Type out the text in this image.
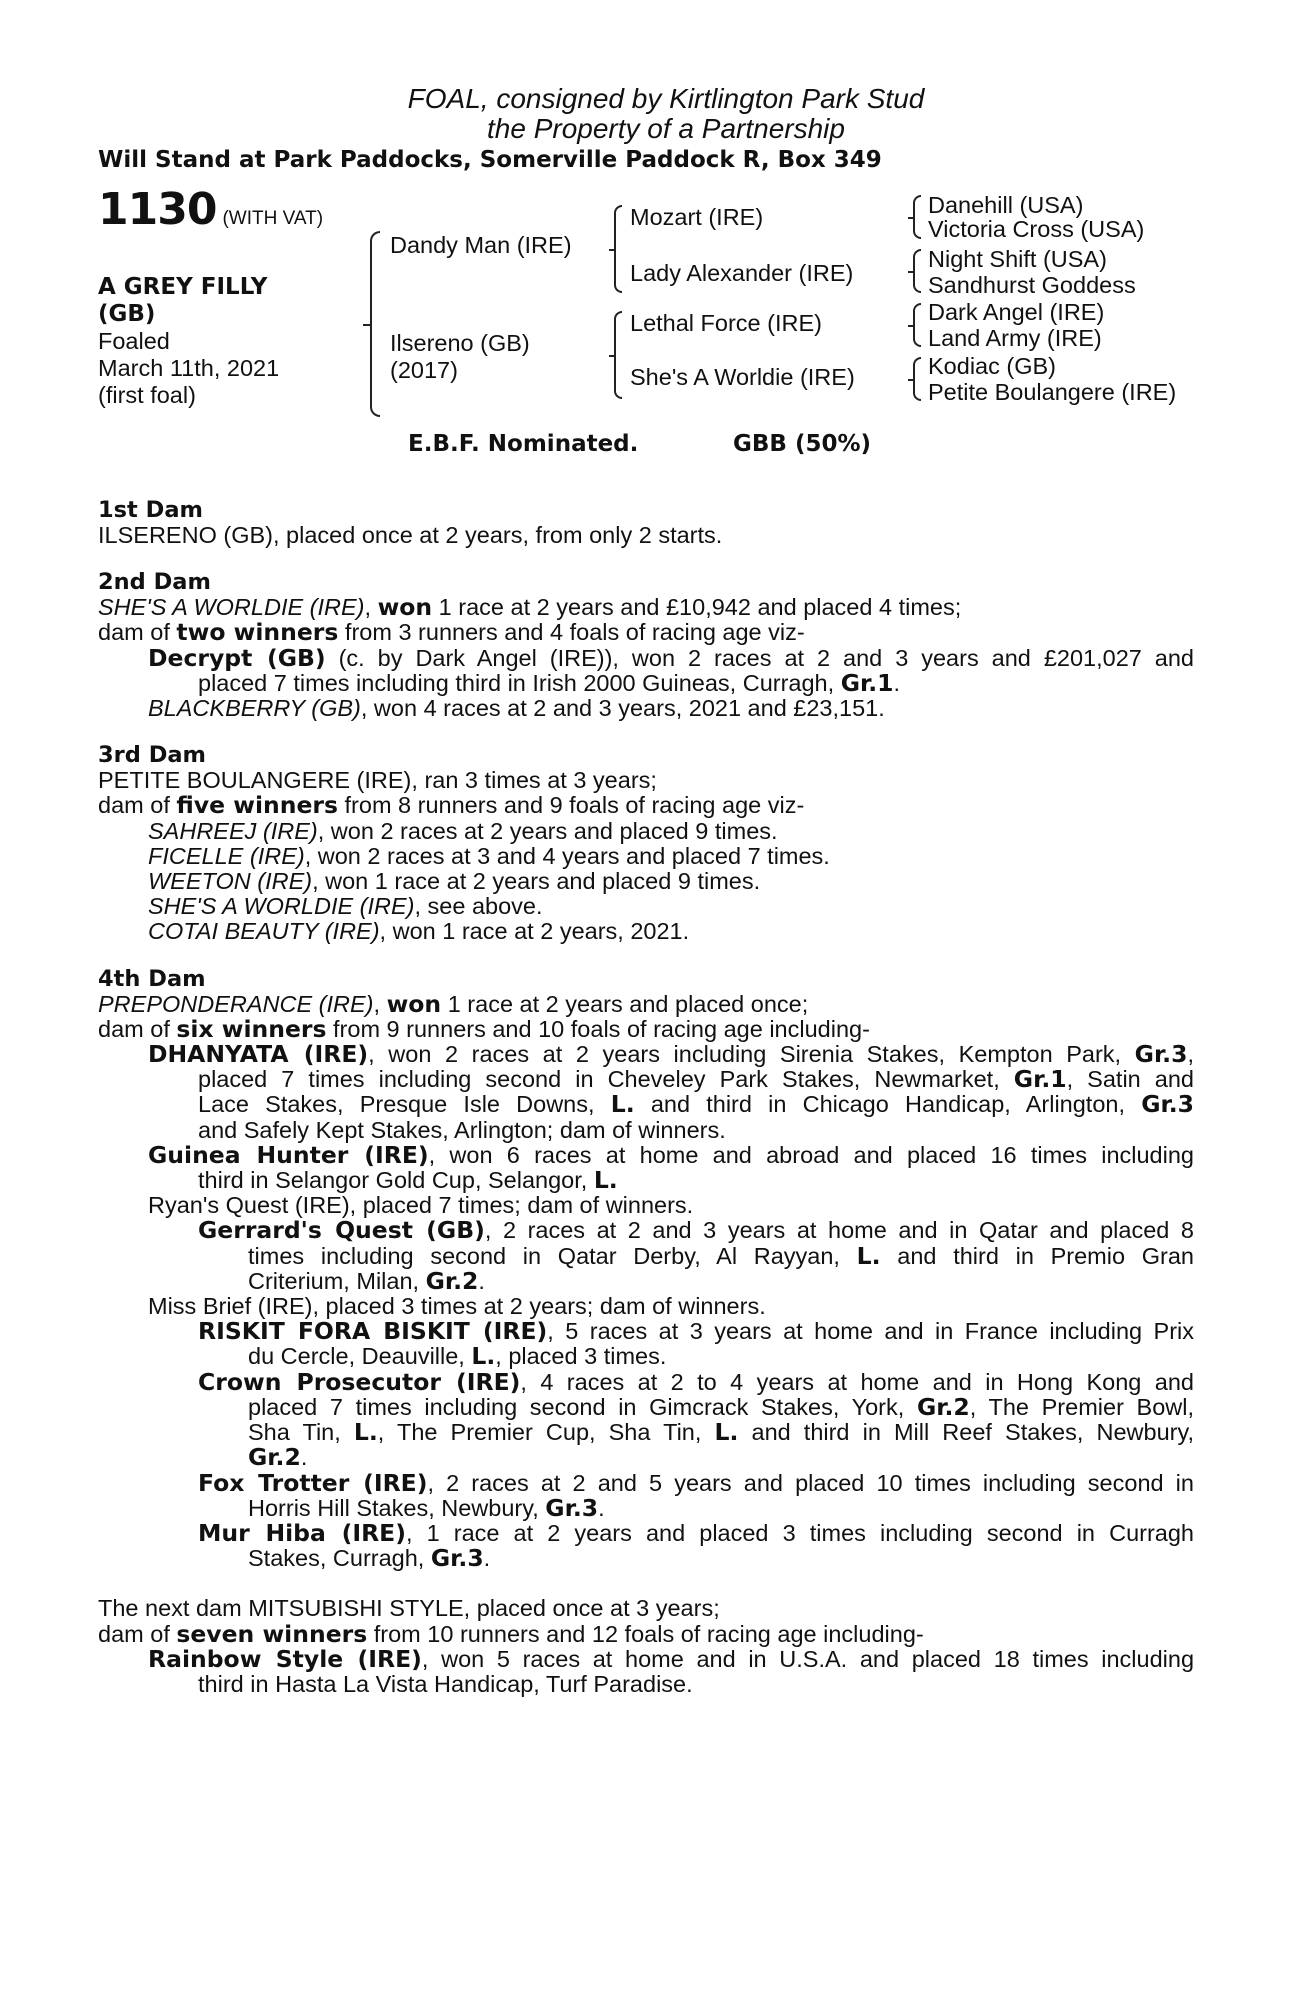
FOAL, consigned by Kirtlington Park Stud
the Property of a Partnership
Will Stand at Park Paddocks, Somerville Paddock R, Box 349
1130 (WITH VAT)
A GREY FILLY
(GB)
Foaled
March 11th, 2021
(first foal)
Dandy Man (IRE)
Ilsereno (GB)
(2017)
Mozart (IRE)
Lady Alexander (IRE)
Lethal Force (IRE)
She's A Worldie (IRE)
Danehill (USA)
Victoria Cross (USA)
Night Shift (USA)
Sandhurst Goddess
Dark Angel (IRE)
Land Army (IRE)
Kodiac (GB)
Petite Boulangere (IRE)
E.B.F. Nominated.	GBB (50%)
1st Dam
ILSERENO (GB), placed once at 2 years, from only 2 starts.
2nd Dam
SHE'S A WORLDIE (IRE), won 1 race at 2 years and £10,942 and placed 4 times;
dam of two winners from 3 runners and 4 foals of racing age viz-
Decrypt (GB) (c. by Dark Angel (IRE)), won 2 races at 2 and 3 years and £201,027 and
placed 7 times including third in Irish 2000 Guineas, Curragh, Gr.1.
BLACKBERRY (GB), won 4 races at 2 and 3 years, 2021 and £23,151.
3rd Dam
PETITE BOULANGERE (IRE), ran 3 times at 3 years;
dam of five winners from 8 runners and 9 foals of racing age viz-
SAHREEJ (IRE), won 2 races at 2 years and placed 9 times.
FICELLE (IRE), won 2 races at 3 and 4 years and placed 7 times.
WEETON (IRE), won 1 race at 2 years and placed 9 times.
SHE'S A WORLDIE (IRE), see above.
COTAI BEAUTY (IRE), won 1 race at 2 years, 2021.
4th Dam
PREPONDERANCE (IRE), won 1 race at 2 years and placed once;
dam of six winners from 9 runners and 10 foals of racing age including-
DHANYATA (IRE), won 2 races at 2 years including Sirenia Stakes, Kempton Park, Gr.3,
placed 7 times including second in Cheveley Park Stakes, Newmarket, Gr.1, Satin and
Lace Stakes, Presque Isle Downs, L. and third in Chicago Handicap, Arlington, Gr.3
and Safely Kept Stakes, Arlington; dam of winners.
Guinea Hunter (IRE), won 6 races at home and abroad and placed 16 times including
third in Selangor Gold Cup, Selangor, L.
Ryan's Quest (IRE), placed 7 times; dam of winners.
Gerrard's Quest (GB), 2 races at 2 and 3 years at home and in Qatar and placed 8
times including second in Qatar Derby, Al Rayyan, L. and third in Premio Gran
Criterium, Milan, Gr.2.
Miss Brief (IRE), placed 3 times at 2 years; dam of winners.
RISKIT FORA BISKIT (IRE), 5 races at 3 years at home and in France including Prix
du Cercle, Deauville, L., placed 3 times.
Crown Prosecutor (IRE), 4 races at 2 to 4 years at home and in Hong Kong and
placed 7 times including second in Gimcrack Stakes, York, Gr.2, The Premier Bowl,
Sha Tin, L., The Premier Cup, Sha Tin, L. and third in Mill Reef Stakes, Newbury,
Gr.2.
Fox Trotter (IRE), 2 races at 2 and 5 years and placed 10 times including second in
Horris Hill Stakes, Newbury, Gr.3.
Mur Hiba (IRE), 1 race at 2 years and placed 3 times including second in Curragh
Stakes, Curragh, Gr.3.
The next dam MITSUBISHI STYLE, placed once at 3 years;
dam of seven winners from 10 runners and 12 foals of racing age including-
Rainbow Style (IRE), won 5 races at home and in U.S.A. and placed 18 times including
third in Hasta La Vista Handicap, Turf Paradise.
